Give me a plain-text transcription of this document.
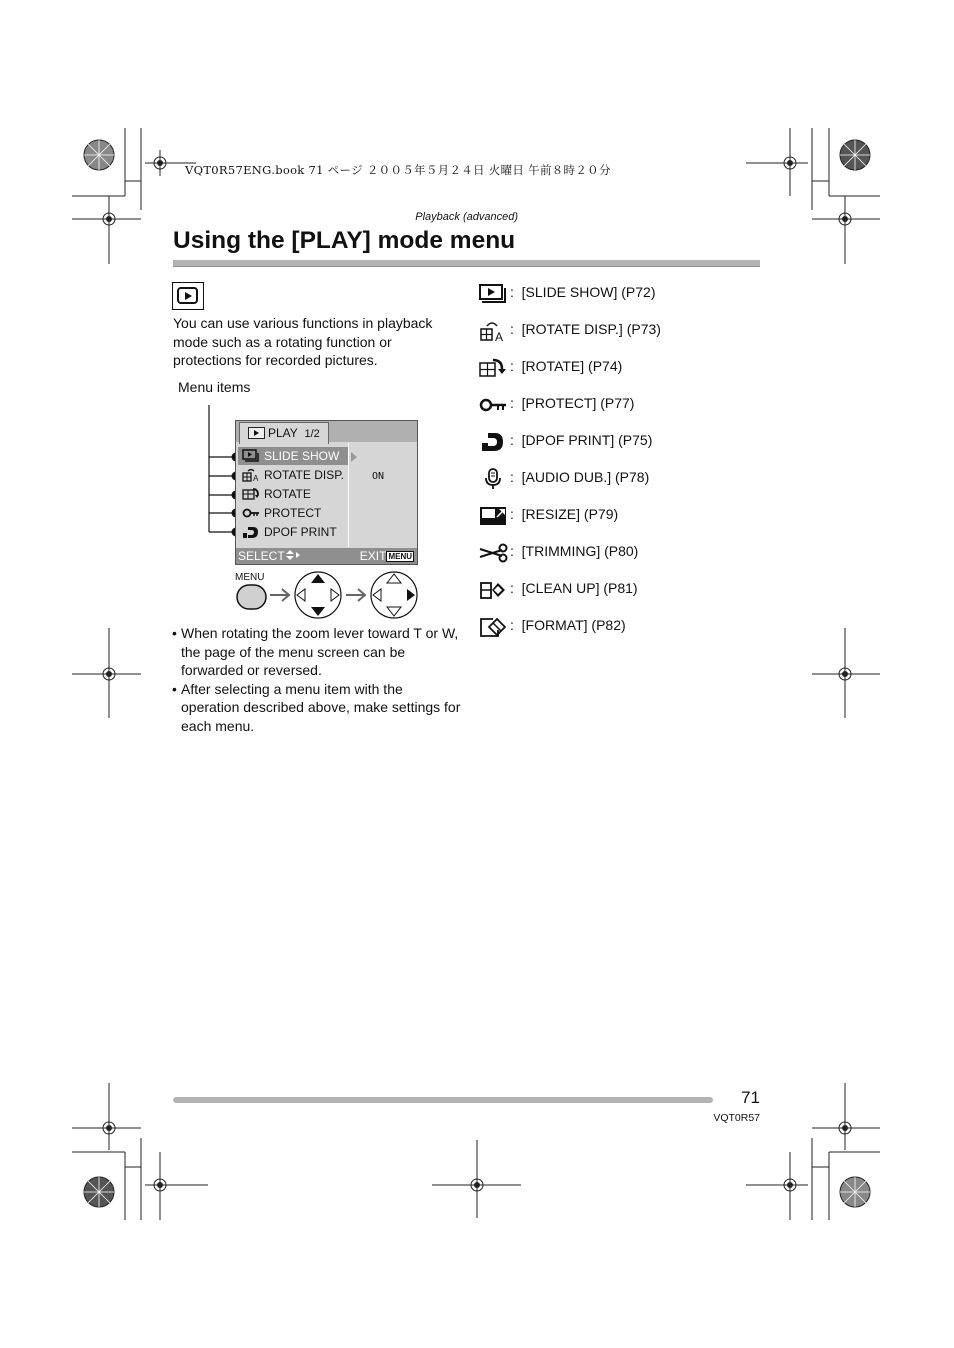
VQT0R57ENG.book 71 ページ ２００５年５月２４日 火曜日 午前８時２０分
Playback (advanced)
Using the [PLAY] mode menu
You can use various functions in playback mode such as a rotating function or protections for recorded pictures.
Menu items
PLAY 1/2
SLIDE SHOW
A ROTATE DISP.
ROTATE
PROTECT
DPOF PRINT
ON
SELECT	EXIT MENU
MENU
• When rotating the zoom lever toward T or W, the page of the menu screen can be forwarded or reversed.
• After selecting a menu item with the operation described above, make settings for each menu.
: [SLIDE SHOW] (P72)
A : [ROTATE DISP.] (P73)
: [ROTATE] (P74)
: [PROTECT] (P77)
: [DPOF PRINT] (P75)
: [AUDIO DUB.] (P78)
: [RESIZE] (P79)
: [TRIMMING] (P80)
: [CLEAN UP] (P81)
: [FORMAT] (P82)
71
VQT0R57
